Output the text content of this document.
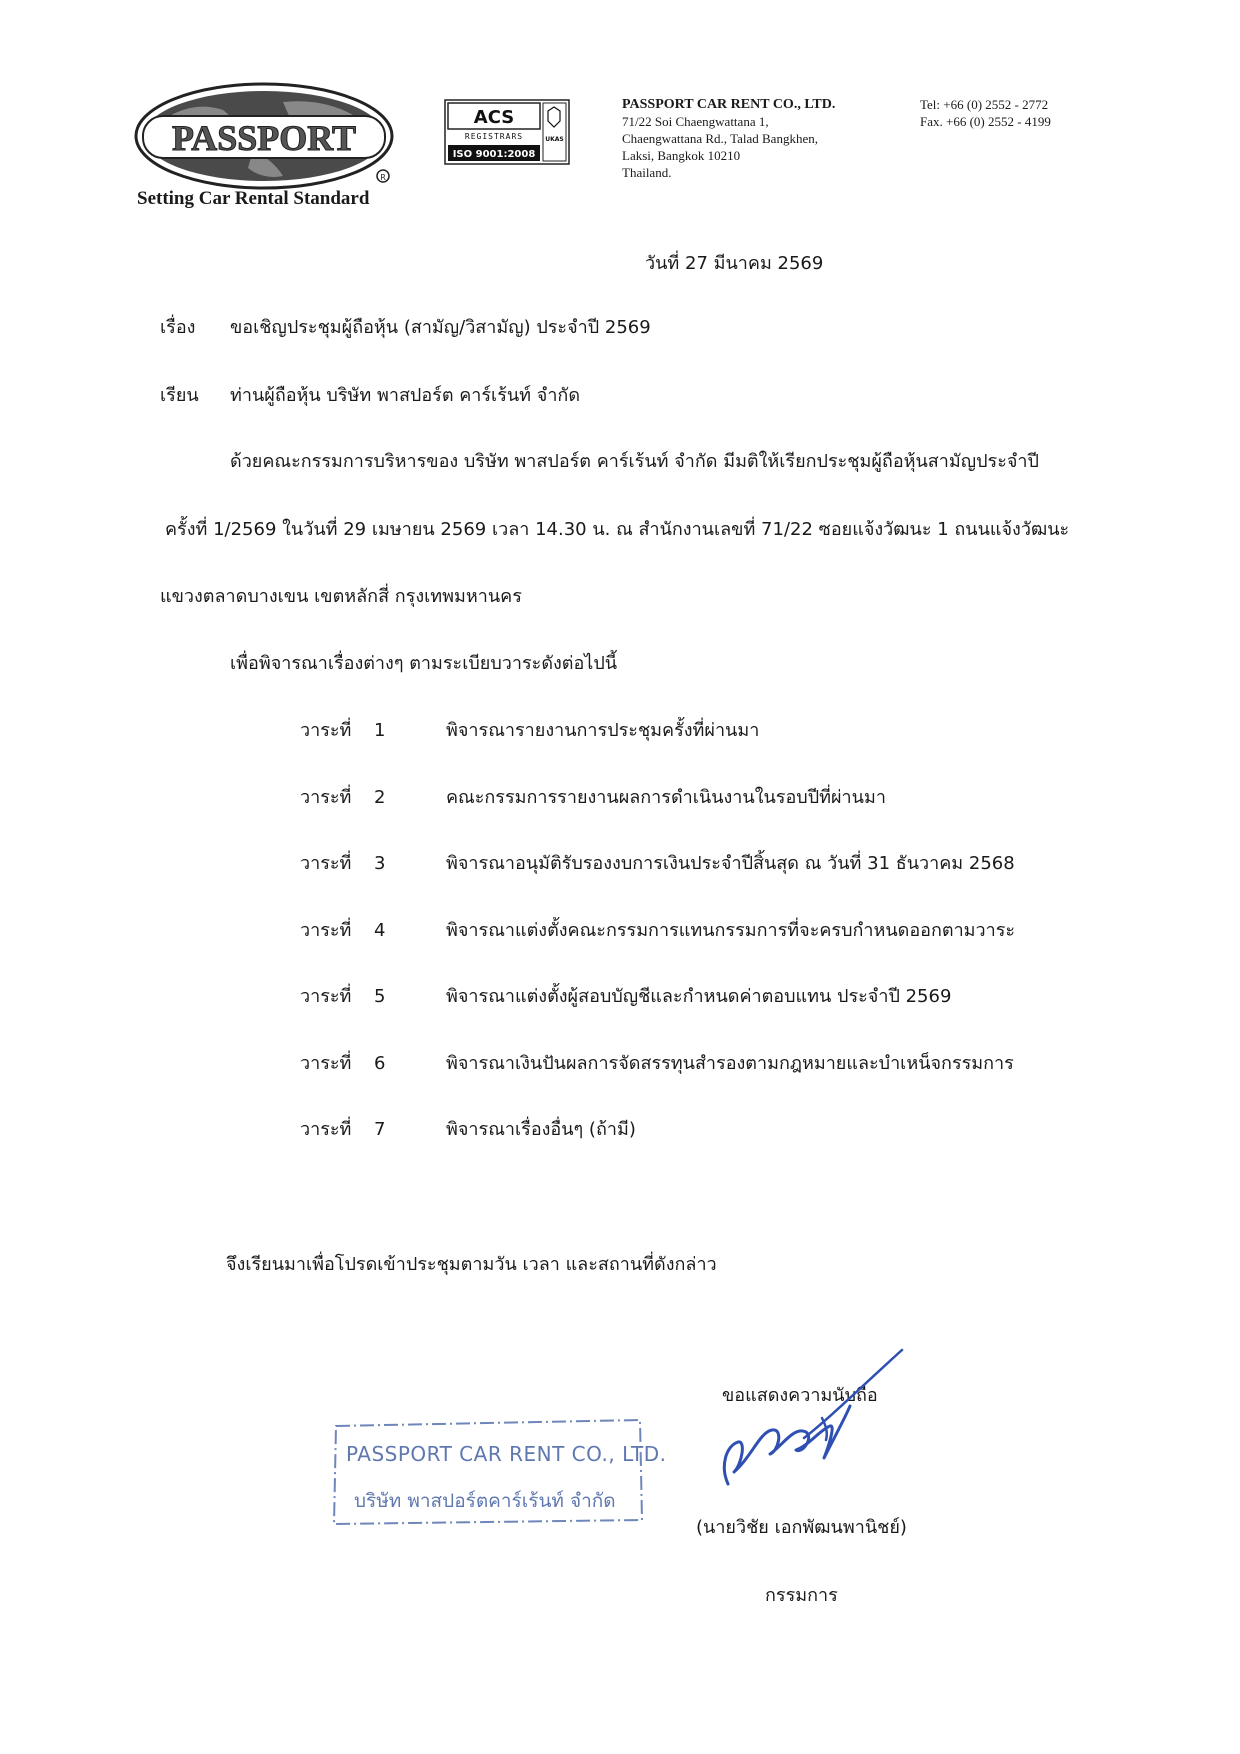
PASSPORT
R
Setting Car Rental Standard
ACS
REGISTRARS
ISO 9001:2008
UKAS
PASSPORT CAR RENT CO., LTD.
71/22 Soi Chaengwattana 1,
Chaengwattana Rd., Talad Bangkhen,
Laksi, Bangkok 10210
Thailand.
Tel: +66 (0) 2552 - 2772
Fax. +66 (0) 2552 - 4199
วันที่ 27 มีนาคม 2569
เรื่อง ขอเชิญประชุมผู้ถือหุ้น (สามัญ/วิสามัญ) ประจำปี 2569
เรียน ท่านผู้ถือหุ้น บริษัท พาสปอร์ต คาร์เร้นท์ จำกัด
ด้วยคณะกรรมการบริหารของ บริษัท พาสปอร์ต คาร์เร้นท์ จำกัด มีมติให้เรียกประชุมผู้ถือหุ้นสามัญประจำปี
ครั้งที่ 1/2569 ในวันที่ 29 เมษายน 2569 เวลา 14.30 น. ณ สำนักงานเลขที่ 71/22 ซอยแจ้งวัฒนะ 1 ถนนแจ้งวัฒนะ
แขวงตลาดบางเขน เขตหลักสี่ กรุงเทพมหานคร
เพื่อพิจารณาเรื่องต่างๆ ตามระเบียบวาระดังต่อไปนี้
วาระที่ 1	พิจารณารายงานการประชุมครั้งที่ผ่านมา
วาระที่ 2	คณะกรรมการรายงานผลการดำเนินงานในรอบปีที่ผ่านมา
วาระที่ 3	พิจารณาอนุมัติรับรองงบการเงินประจำปีสิ้นสุด ณ วันที่ 31 ธันวาคม 2568
วาระที่ 4	พิจารณาแต่งตั้งคณะกรรมการแทนกรรมการที่จะครบกำหนดออกตามวาระ
วาระที่ 5	พิจารณาแต่งตั้งผู้สอบบัญชีและกำหนดค่าตอบแทน ประจำปี 2569
วาระที่ 6	พิจารณาเงินปันผลการจัดสรรทุนสำรองตามกฎหมายและบำเหน็จกรรมการ
วาระที่ 7	พิจารณาเรื่องอื่นๆ (ถ้ามี)
จึงเรียนมาเพื่อโปรดเข้าประชุมตามวัน เวลา และสถานที่ดังกล่าว
ขอแสดงความนับถือ
PASSPORT CAR RENT CO., LTD.
บริษัท พาสปอร์ตคาร์เร้นท์ จำกัด
(นายวิชัย เอกพัฒนพานิชย์)
กรรมการ
